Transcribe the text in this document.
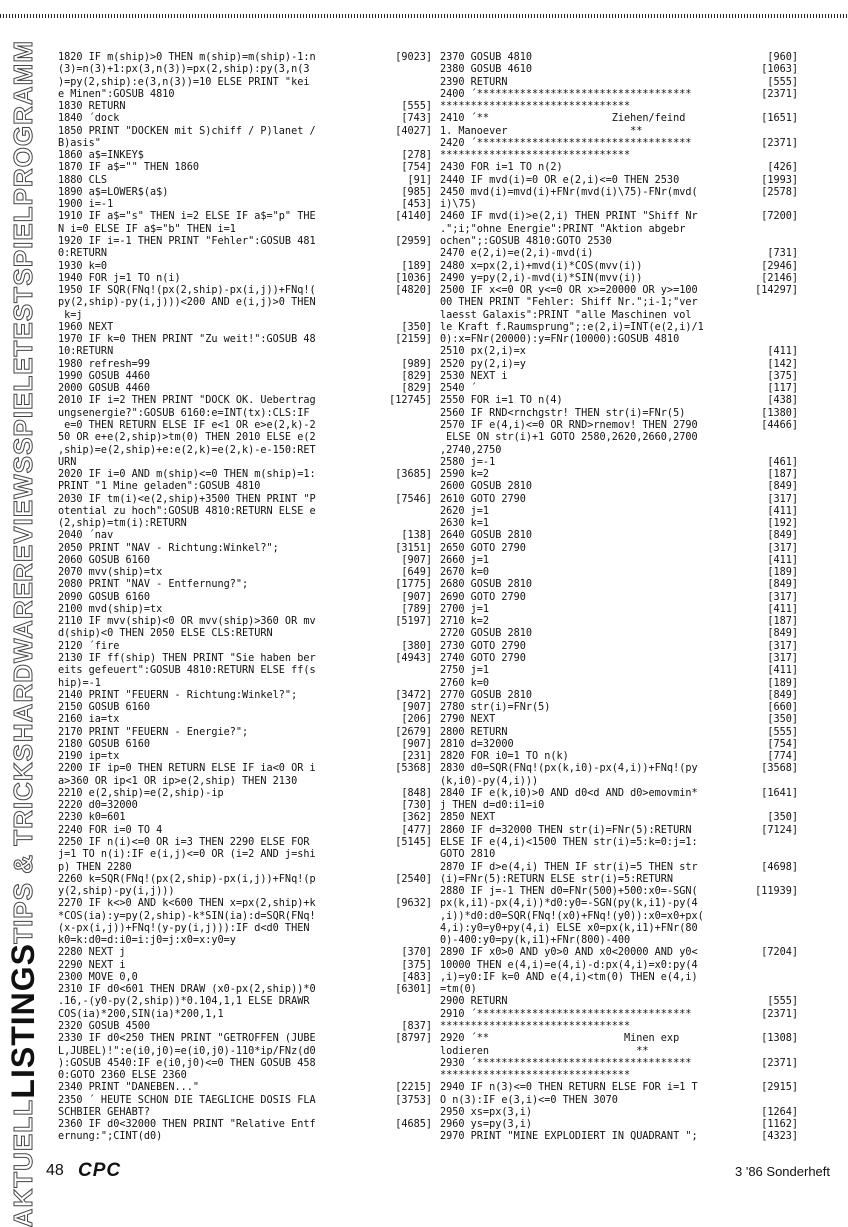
SPIELPROGRAMM
SPIELETEST
REVIEWS
HARDWARE
TIPS & TRICKS
LISTINGS
AKTUELL
1820 IF m(ship)>0 THEN m(ship)=m(ship)-1:n
(3)=n(3)+1:px(3,n(3))=px(2,ship):py(3,n(3
)=py(2,ship):e(3,n(3))=10 ELSE PRINT "kei
e Minen":GOSUB 4810
[9023]
1830 RETURN	[555]
1840 ´dock	[743]
1850 PRINT "DOCKEN mit S)chiff / P)lanet /
B)asis"
[4027]
1860 a$=INKEY$	[278]
1870 IF a$="" THEN 1860	[754]
1880 CLS	[91]
1890 a$=LOWER$(a$)	[985]
1900 i=-1	[453]
1910 IF a$="s" THEN i=2 ELSE IF a$="p" THE
N i=0 ELSE IF a$="b" THEN i=1
[4140]
1920 IF i=-1 THEN PRINT "Fehler":GOSUB 481
0:RETURN
[2959]
1930 k=0	[189]
1940 FOR j=1 TO n(i)	[1036]
1950 IF SQR(FNq!(px(2,ship)-px(i,j))+FNq!(
py(2,ship)-py(i,j)))<200 AND e(i,j)>0 THEN
k=j
[4820]
1960 NEXT	[350]
1970 IF k=0 THEN PRINT "Zu weit!":GOSUB 48
10:RETURN
[2159]
1980 refresh=99	[989]
1990 GOSUB 4460	[829]
2000 GOSUB 4460	[829]
2010 IF i=2 THEN PRINT "DOCK OK. Uebertrag
ungsenergie?":GOSUB 6160:e=INT(tx):CLS:IF
e=0 THEN RETURN ELSE IF e<1 OR e>e(2,k)-2
50 OR e+e(2,ship)>tm(0) THEN 2010 ELSE e(2
,ship)=e(2,ship)+e:e(2,k)=e(2,k)-e-150:RET
URN
[12745]
2020 IF i=0 AND m(ship)<=0 THEN m(ship)=1:
PRINT "1 Mine geladen":GOSUB 4810
[3685]
2030 IF tm(i)<e(2,ship)+3500 THEN PRINT "P
otential zu hoch":GOSUB 4810:RETURN ELSE e
(2,ship)=tm(i):RETURN
[7546]
2040 ´nav	[138]
2050 PRINT "NAV - Richtung:Winkel?";	[3151]
2060 GOSUB 6160	[907]
2070 mvv(ship)=tx	[649]
2080 PRINT "NAV - Entfernung?";	[1775]
2090 GOSUB 6160	[907]
2100 mvd(ship)=tx	[789]
2110 IF mvv(ship)<0 OR mvv(ship)>360 OR mv
d(ship)<0 THEN 2050 ELSE CLS:RETURN
[5197]
2120 ´fire	[380]
2130 IF ff(ship) THEN PRINT "Sie haben ber
eits gefeuert":GOSUB 4810:RETURN ELSE ff(s
hip)=-1
[4943]
2140 PRINT "FEUERN - Richtung:Winkel?";	[3472]
2150 GOSUB 6160	[907]
2160 ia=tx	[206]
2170 PRINT "FEUERN - Energie?";	[2679]
2180 GOSUB 6160	[907]
2190 ip=tx	[231]
2200 IF ip=0 THEN RETURN ELSE IF ia<0 OR i
a>360 OR ip<1 OR ip>e(2,ship) THEN 2130
[5368]
2210 e(2,ship)=e(2,ship)-ip	[848]
2220 d0=32000	[730]
2230 k0=601	[362]
2240 FOR i=0 TO 4	[477]
2250 IF n(i)<=0 OR i=3 THEN 2290 ELSE FOR
j=1 TO n(i):IF e(i,j)<=0 OR (i=2 AND j=shi
p) THEN 2280
[5145]
2260 k=SQR(FNq!(px(2,ship)-px(i,j))+FNq!(p
y(2,ship)-py(i,j)))
[2540]
2270 IF k<>0 AND k<600 THEN x=px(2,ship)+k
*COS(ia):y=py(2,ship)-k*SIN(ia):d=SQR(FNq!
(x-px(i,j))+FNq!(y-py(i,j))):IF d<d0 THEN
k0=k:d0=d:i0=i:j0=j:x0=x:y0=y
[9632]
2280 NEXT j	[370]
2290 NEXT i	[375]
2300 MOVE 0,0	[483]
2310 IF d0<601 THEN DRAW (x0-px(2,ship))*0
.16,-(y0-py(2,ship))*0.104,1,1 ELSE DRAWR
COS(ia)*200,SIN(ia)*200,1,1
[6301]
2320 GOSUB 4500	[837]
2330 IF d0<250 THEN PRINT "GETROFFEN (JUBE
L,JUBEL)!":e(i0,j0)=e(i0,j0)-110*ip/FNz(d0
):GOSUB 4540:IF e(i0,j0)<=0 THEN GOSUB 458
0:GOTO 2360 ELSE 2360
[8797]
2340 PRINT "DANEBEN..."	[2215]
2350 ´ HEUTE SCHON DIE TAEGLICHE DOSIS FLA
SCHBIER GEHABT?
[3753]
2360 IF d0<32000 THEN PRINT "Relative Entf
ernung:";CINT(d0)
[4685]
2370 GOSUB 4810	[960]
2380 GOSUB 4610	[1063]
2390 RETURN	[555]
2400 ´***********************************
*******************************
[2371]
2410 ´**                    Ziehen/feind
1. Manoever                    **
[1651]
2420 ´***********************************
*******************************
[2371]
2430 FOR i=1 TO n(2)	[426]
2440 IF mvd(i)=0 OR e(2,i)<=0 THEN 2530	[1993]
2450 mvd(i)=mvd(i)+FNr(mvd(i)\75)-FNr(mvd(
i)\75)
[2578]
2460 IF mvd(i)>e(2,i) THEN PRINT "Shiff Nr
.";i;"ohne Energie":PRINT "Aktion abgebr
ochen";:GOSUB 4810:GOTO 2530
[7200]
2470 e(2,i)=e(2,i)-mvd(i)	[731]
2480 x=px(2,i)+mvd(i)*COS(mvv(i))	[2946]
2490 y=py(2,i)-mvd(i)*SIN(mvv(i))	[2146]
2500 IF x<=0 OR y<=0 OR x>=20000 OR y>=100
00 THEN PRINT "Fehler: Shiff Nr.";i-1;"ver
laesst Galaxis":PRINT "alle Maschinen vol
le Kraft f.Raumsprung";:e(2,i)=INT(e(2,i)/1
0):x=FNr(20000):y=FNr(10000):GOSUB 4810
[14297]
2510 px(2,i)=x	[411]
2520 py(2,i)=y	[142]
2530 NEXT i	[375]
2540 ´	[117]
2550 FOR i=1 TO n(4)	[438]
2560 IF RND<rnchgstr! THEN str(i)=FNr(5)	[1380]
2570 IF e(4,i)<=0 OR RND>rnemov! THEN 2790
ELSE ON str(i)+1 GOTO 2580,2620,2660,2700
,2740,2750
[4466]
2580 j=-1	[461]
2590 k=2	[187]
2600 GOSUB 2810	[849]
2610 GOTO 2790	[317]
2620 j=1	[411]
2630 k=1	[192]
2640 GOSUB 2810	[849]
2650 GOTO 2790	[317]
2660 j=1	[411]
2670 k=0	[189]
2680 GOSUB 2810	[849]
2690 GOTO 2790	[317]
2700 j=1	[411]
2710 k=2	[187]
2720 GOSUB 2810	[849]
2730 GOTO 2790	[317]
2740 GOTO 2790	[317]
2750 j=1	[411]
2760 k=0	[189]
2770 GOSUB 2810	[849]
2780 str(i)=FNr(5)	[660]
2790 NEXT	[350]
2800 RETURN	[555]
2810 d=32000	[754]
2820 FOR i0=1 TO n(k)	[774]
2830 d0=SQR(FNq!(px(k,i0)-px(4,i))+FNq!(py
(k,i0)-py(4,i)))
[3568]
2840 IF e(k,i0)>0 AND d0<d AND d0>emovmin*
j THEN d=d0:i1=i0
[1641]
2850 NEXT	[350]
2860 IF d=32000 THEN str(i)=FNr(5):RETURN
ELSE IF e(4,i)<1500 THEN str(i)=5:k=0:j=1:
GOTO 2810
[7124]
2870 IF d>e(4,i) THEN IF str(i)=5 THEN str
(i)=FNr(5):RETURN ELSE str(i)=5:RETURN
[4698]
2880 IF j=-1 THEN d0=FNr(500)+500:x0=-SGN(
px(k,i1)-px(4,i))*d0:y0=-SGN(py(k,i1)-py(4
,i))*d0:d0=SQR(FNq!(x0)+FNq!(y0)):x0=x0+px(
4,i):y0=y0+py(4,i) ELSE x0=px(k,i1)+FNr(80
0)-400:y0=py(k,i1)+FNr(800)-400
[11939]
2890 IF x0>0 AND y0>0 AND x0<20000 AND y0<
10000 THEN e(4,i)=e(4,i)-d:px(4,i)=x0:py(4
,i)=y0:IF k=0 AND e(4,i)<tm(0) THEN e(4,i)
=tm(0)
[7204]
2900 RETURN	[555]
2910 ´***********************************
*******************************
[2371]
2920 ´**                      Minen exp
lodieren                        **
[1308]
2930 ´***********************************
*******************************
[2371]
2940 IF n(3)<=0 THEN RETURN ELSE FOR i=1 T
O n(3):IF e(3,i)<=0 THEN 3070
[2915]
2950 xs=px(3,i)	[1264]
2960 ys=py(3,i)	[1162]
2970 PRINT "MINE EXPLODIERT IN QUADRANT ";	[4323]
48 CPC	3 '86 Sonderheft
